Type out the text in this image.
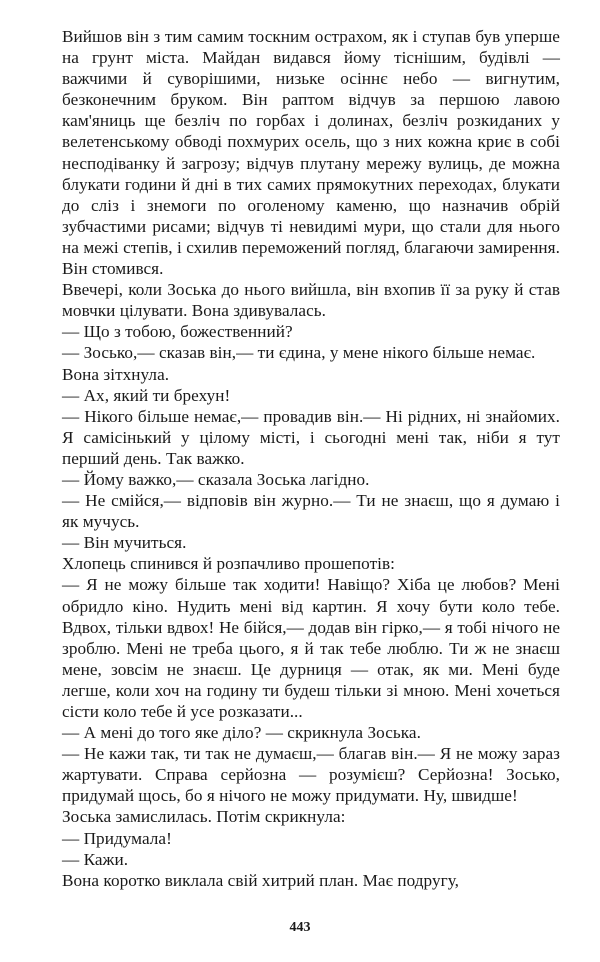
Вийшов він з тим самим тоскним острахом, як і ступав був уперше на грунт міста. Майдан видався йому тіснішим, будівлі — важчими й суворішими, низьке осіннє небо — вигнутим, безконечним бруком. Він раптом відчув за першою лавою кам'яниць ще безліч по горбах і долинах, безліч розкиданих у велетенському обводі похмурих осель, що з них кожна криє в собі несподіванку й загрозу; відчув плутану мережу вулиць, де можна блукати години й дні в тих самих прямокутних переходах, блукати до сліз і знемоги по оголеному каменю, що назначив обрій зубчастими рисами; відчув ті невидимі мури, що стали для нього на межі степів, і схилив переможений погляд, благаючи замирення. Він стомився.

Ввечері, коли Зоська до нього вийшла, він вхопив її за руку й став мовчки цілувати. Вона здивувалась.

— Що з тобою, божественний?

— Зосько,— сказав він,— ти єдина, у мене нікого більше немає.

Вона зітхнула.

— Ах, який ти брехун!

— Нікого більше немає,— провадив він.— Ні рідних, ні знайомих. Я самісінький у цілому місті, і сьогодні мені так, ніби я тут перший день. Так важко.

— Йому важко,— сказала Зоська лагідно.

— Не смійся,— відповів він журно.— Ти не знаєш, що я думаю і як мучусь.

— Він мучиться.

Хлопець спинився й розпачливо прошепотів:

— Я не можу більше так ходити! Навіщо? Хіба це любов? Мені обридло кіно. Нудить мені від картин. Я хочу бути коло тебе. Вдвох, тільки вдвох! Не бійся,— додав він гірко,— я тобі нічого не зроблю. Мені не треба цього, я й так тебе люблю. Ти ж не знаєш мене, зовсім не знаєш. Це дурниця — отак, як ми. Мені буде легше, коли хоч на годину ти будеш тільки зі мною. Мені хочеться сісти коло тебе й усе розказати...

— А мені до того яке діло? — скрикнула Зоська.

— Не кажи так, ти так не думаєш,— благав він.— Я не можу зараз жартувати. Справа серйозна — розумієш? Серйозна! Зосько, придумай щось, бо я нічого не можу придумати. Ну, швидше!

Зоська замислилась. Потім скрикнула:

— Придумала!

— Кажи.

Вона коротко виклала свій хитрий план. Має подругу,

443
